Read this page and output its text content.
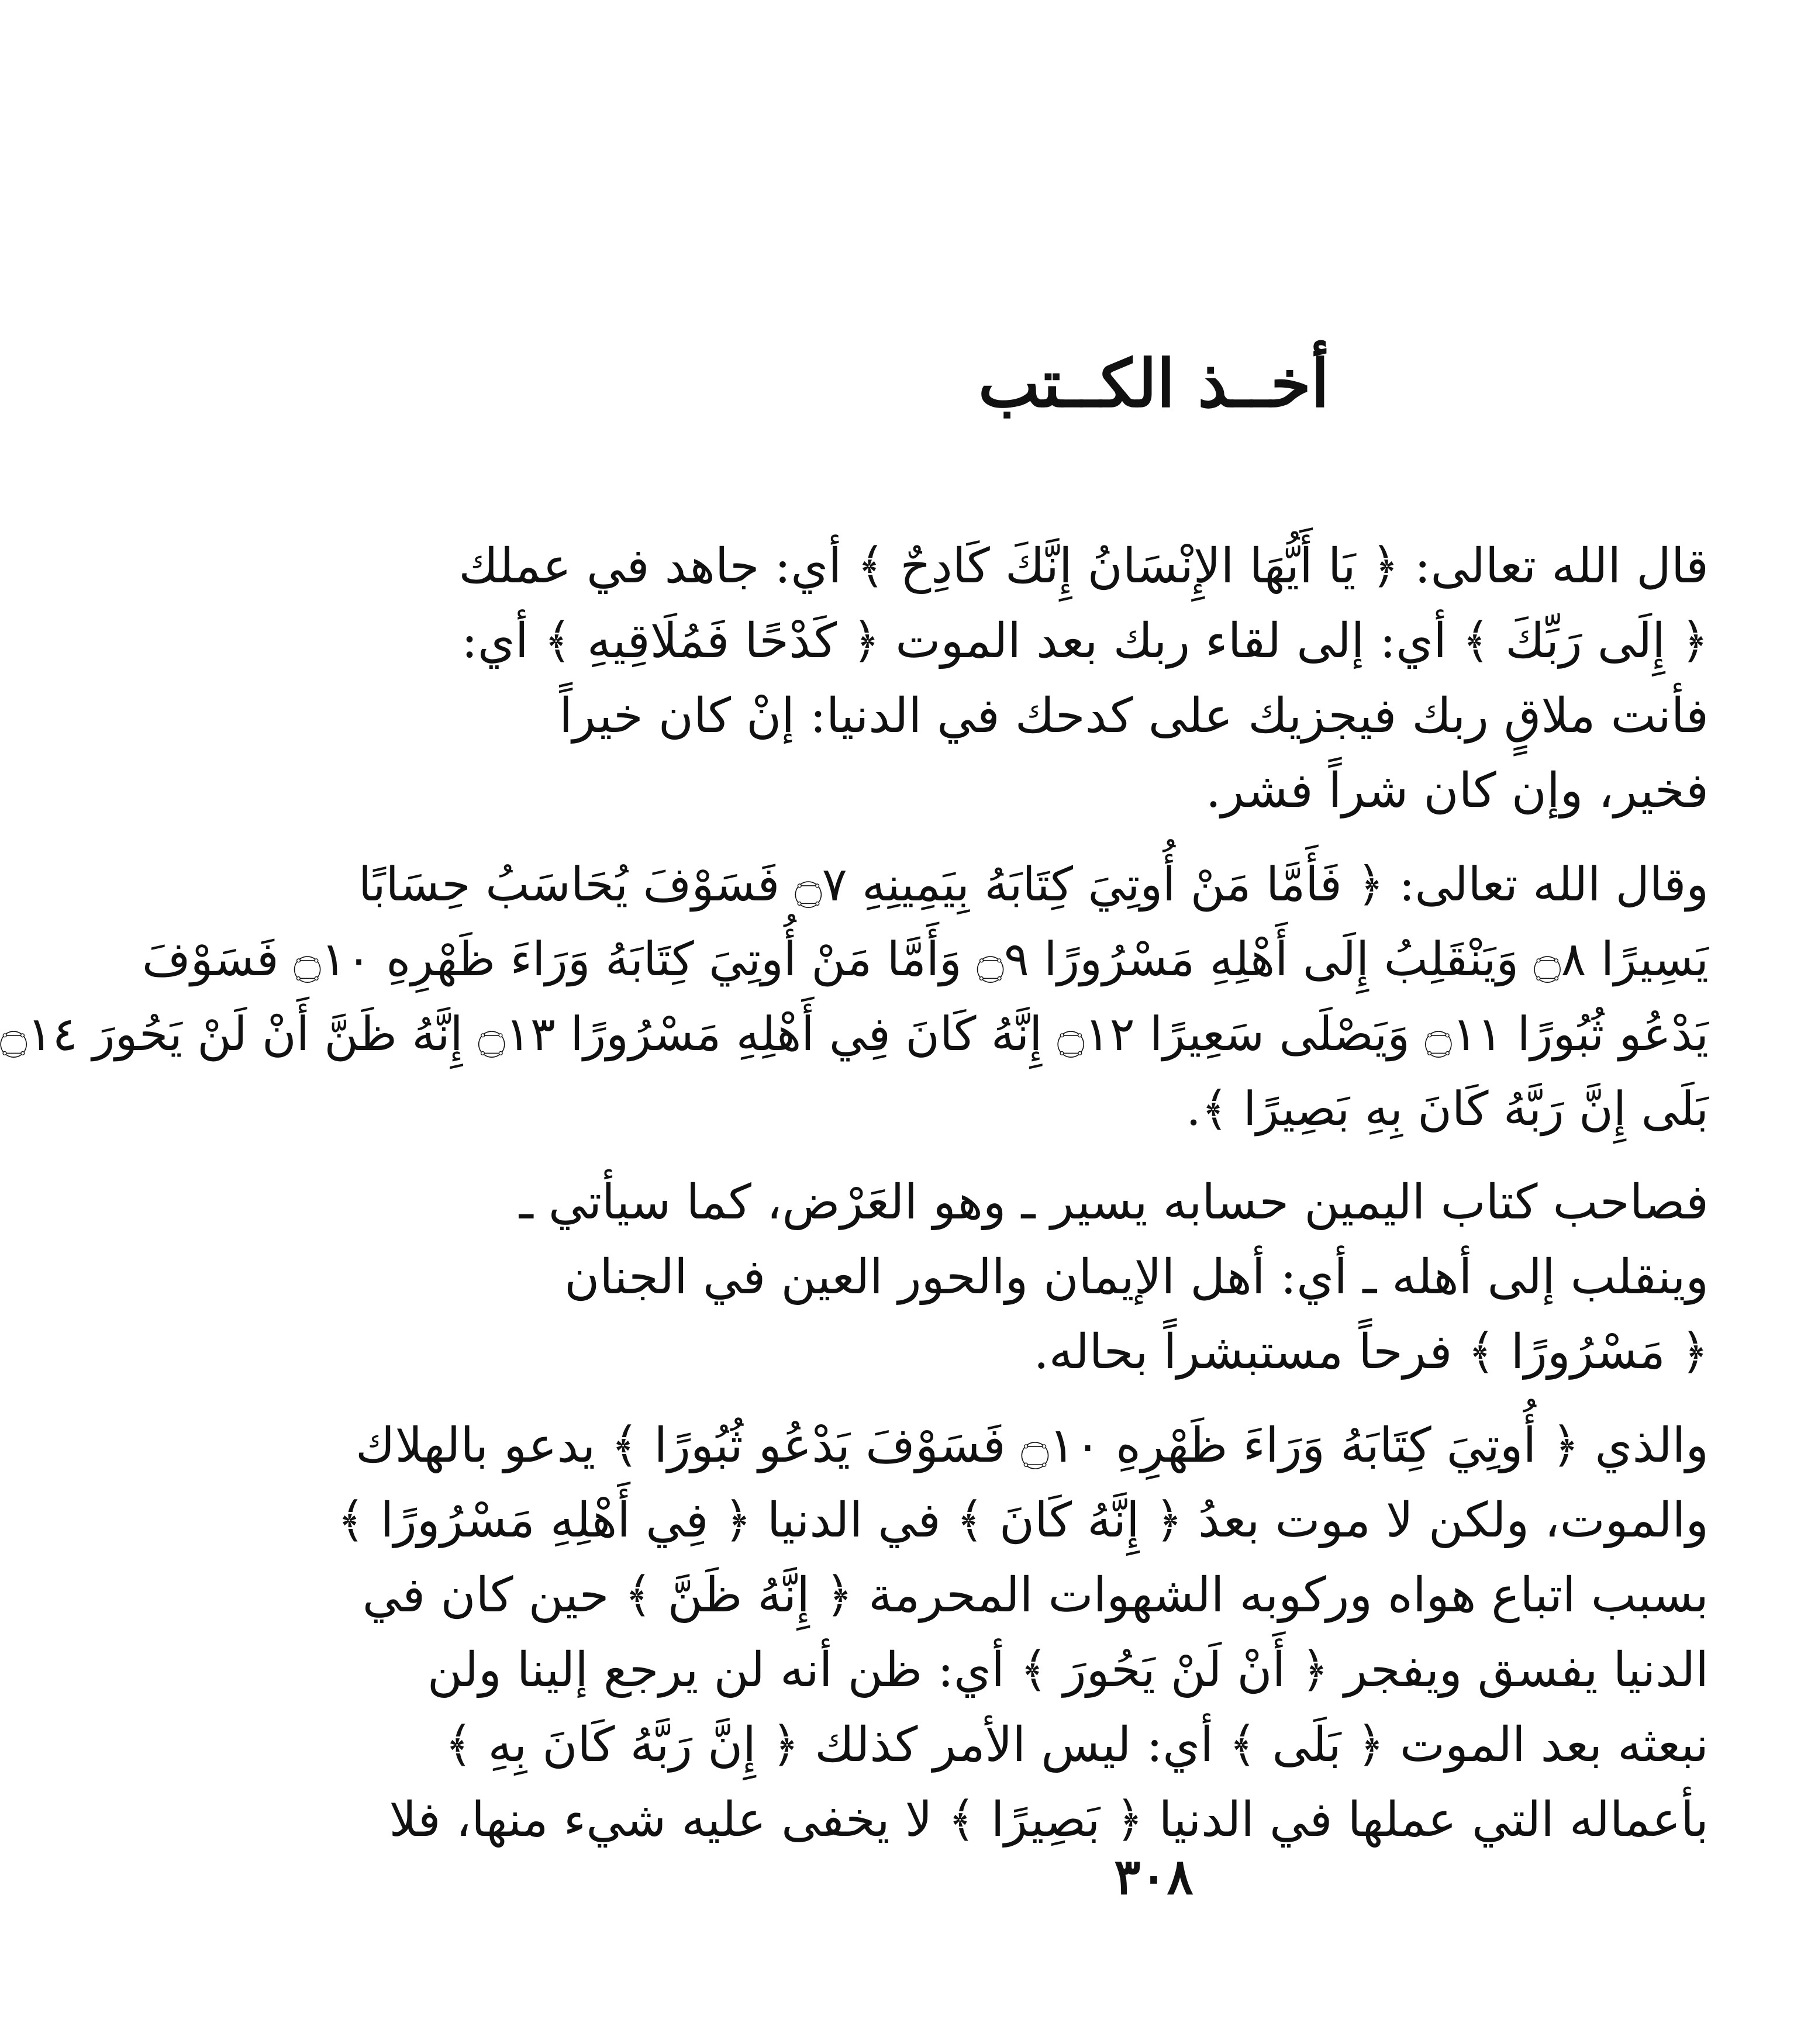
أخــذ الكــتب

قال الله تعالى: ﴿ يَا أَيُّهَا الإِنْسَانُ إِنَّكَ كَادِحٌ ﴾ أي: جاهد في عملك
﴿ إِلَى رَبِّكَ ﴾ أي: إلى لقاء ربك بعد الموت ﴿ كَدْحًا فَمُلَاقِيهِ ﴾ أي:
فأنت ملاقٍ ربك فيجزيك على كدحك في الدنيا: إنْ كان خيراً
فخير، وإن كان شراً فشر.

وقال الله تعالى: ﴿ فَأَمَّا مَنْ أُوتِيَ كِتَابَهُ بِيَمِينِهِ ۝٧ فَسَوْفَ يُحَاسَبُ حِسَابًا
يَسِيرًا ۝٨ وَيَنْقَلِبُ إِلَى أَهْلِهِ مَسْرُورًا ۝٩ وَأَمَّا مَنْ أُوتِيَ كِتَابَهُ وَرَاءَ ظَهْرِهِ ۝١٠ فَسَوْفَ
يَدْعُو ثُبُورًا ۝١١ وَيَصْلَى سَعِيرًا ۝١٢ إِنَّهُ كَانَ فِي أَهْلِهِ مَسْرُورًا ۝١٣ إِنَّهُ ظَنَّ أَنْ لَنْ يَحُورَ ۝١٤
بَلَى إِنَّ رَبَّهُ كَانَ بِهِ بَصِيرًا ﴾.

فصاحب كتاب اليمين حسابه يسير ـ وهو العَرْض، كما سيأتي ـ
وينقلب إلى أهله ـ أي: أهل الإيمان والحور العين في الجنان
﴿ مَسْرُورًا ﴾ فرحاً مستبشراً بحاله.

والذي ﴿ أُوتِيَ كِتَابَهُ وَرَاءَ ظَهْرِهِ ۝١٠ فَسَوْفَ يَدْعُو ثُبُورًا ﴾ يدعو بالهلاك
والموت، ولكن لا موت بعدُ ﴿ إِنَّهُ كَانَ ﴾ في الدنيا ﴿ فِي أَهْلِهِ مَسْرُورًا ﴾
بسبب اتباع هواه وركوبه الشهوات المحرمة ﴿ إِنَّهُ ظَنَّ ﴾ حين كان في
الدنيا يفسق ويفجر ﴿ أَنْ لَنْ يَحُورَ ﴾ أي: ظن أنه لن يرجع إلينا ولن
نبعثه بعد الموت ﴿ بَلَى ﴾ أي: ليس الأمر كذلك ﴿ إِنَّ رَبَّهُ كَانَ بِهِ ﴾
بأعماله التي عملها في الدنيا ﴿ بَصِيرًا ﴾ لا يخفى عليه شيء منها، فلا

٣٠٨
